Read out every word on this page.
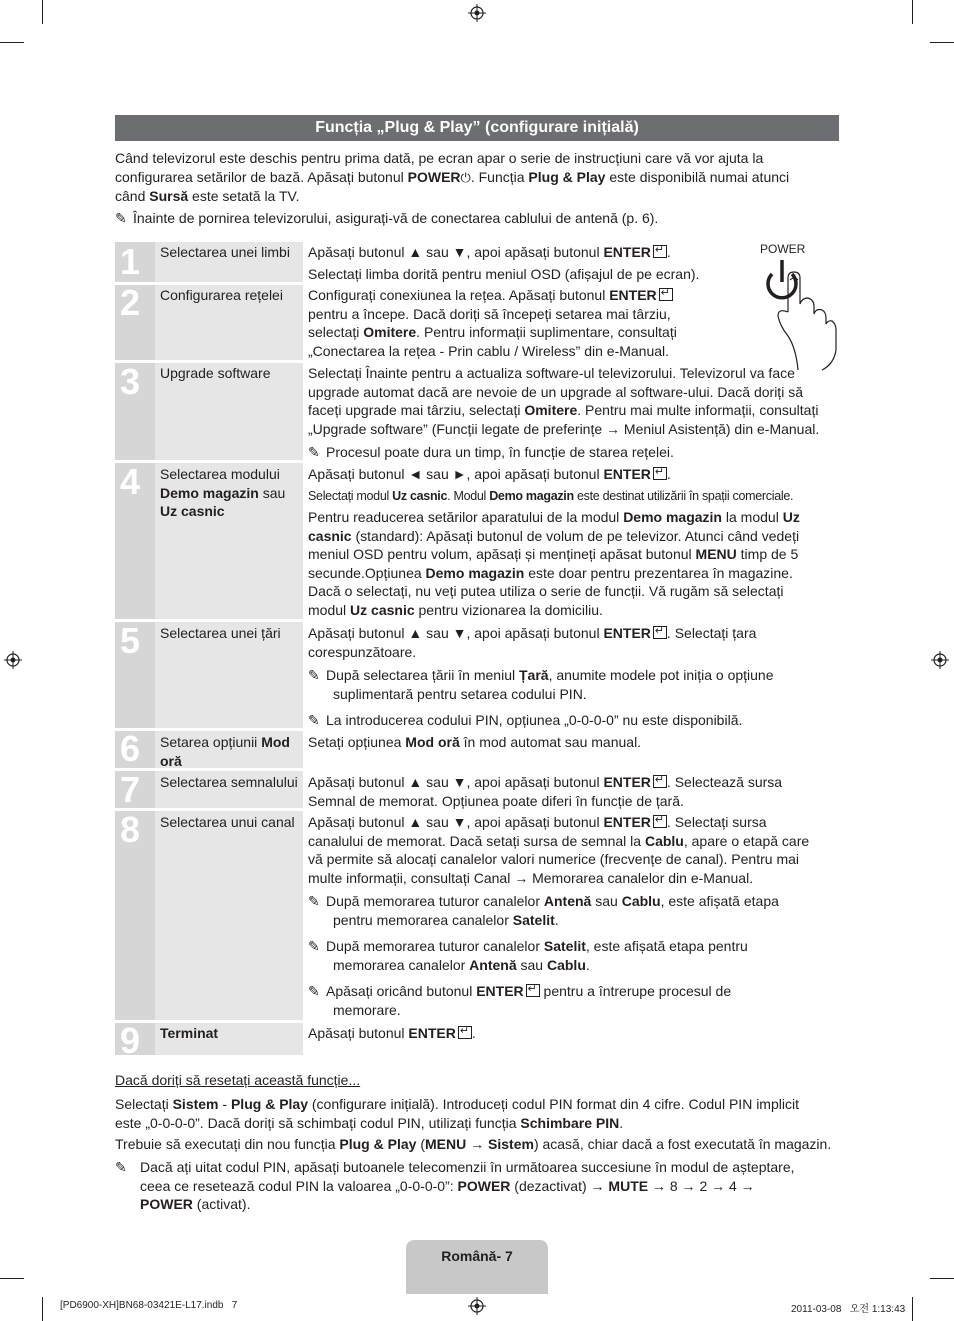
Funcția „Plug & Play” (configurare inițială)
Când televizorul este deschis pentru prima dată, pe ecran apar o serie de instrucțiuni care vă vor ajuta la
configurarea setărilor de bază. Apăsați butonul POWER⏻. Funcția Plug & Play este disponibilă numai atunci
când Sursă este setată la TV.
✎ Înainte de pornirea televizorului, asigurați-vă de conectarea cablului de antenă (p. 6).
1
2
3
4
5
6
7
8
9
Selectarea unei limbi
Configurarea rețelei
Upgrade software
Selectarea modului
Demo magazin sau
Uz casnic
Selectarea unei țări
Setarea opțiunii Mod
oră
Selectarea semnalului
Selectarea unui canal
Terminat
Apăsați butonul ▲ sau ▼, apoi apăsați butonul ENTER ↵ .
Selectați limba dorită pentru meniul OSD (afișajul de pe ecran).
POWER
Configurați conexiunea la rețea. Apăsați butonul ENTER↵
pentru a începe. Dacă doriți să începeți setarea mai târziu,
selectați Omitere. Pentru informații suplimentare, consultați
„Conectarea la rețea - Prin cablu / Wireless” din e-Manual.
Selectați Înainte pentru a actualiza software-ul televizorului. Televizorul va face
upgrade automat dacă are nevoie de un upgrade al software-ului. Dacă doriți să
faceți upgrade mai târziu, selectați Omitere. Pentru mai multe informații, consultați
„Upgrade software” (Funcții legate de preferințe → Meniul Asistență) din e-Manual.
✎ Procesul poate dura un timp, în funcție de starea rețelei.
Apăsați butonul ◄ sau ►, apoi apăsați butonul ENTER ↵ .
Selectați modul Uz casnic. Modul Demo magazin este destinat utilizării în spații comerciale.
Pentru readucerea setărilor aparatului de la modul Demo magazin la modul Uz
casnic (standard): Apăsați butonul de volum de pe televizor. Atunci când vedeți
meniul OSD pentru volum, apăsați și mențineți apăsat butonul MENU timp de 5
secunde.Opțiunea Demo magazin este doar pentru prezentarea în magazine.
Dacă o selectați, nu veți putea utiliza o serie de funcții. Vă rugăm să selectați
modul Uz casnic pentru vizionarea la domiciliu.
Apăsați butonul ▲ sau ▼, apoi apăsați butonul ENTER ↵ . Selectați țara
corespunzătoare.
✎ După selectarea țării în meniul Țară, anumite modele pot iniția o opțiune
suplimentară pentru setarea codului PIN.
✎ La introducerea codului PIN, opțiunea „0-0-0-0” nu este disponibilă.
Setați opțiunea Mod oră în mod automat sau manual.
Apăsați butonul ▲ sau ▼, apoi apăsați butonul ENTER ↵ . Selectează sursa
Semnal de memorat. Opțiunea poate diferi în funcție de țară.
Apăsați butonul ▲ sau ▼, apoi apăsați butonul ENTER ↵ . Selectați sursa
canalului de memorat. Dacă setați sursa de semnal la Cablu, apare o etapă care
vă permite să alocați canalelor valori numerice (frecvențe de canal). Pentru mai
multe informații, consultați Canal → Memorarea canalelor din e-Manual.
✎ După memorarea tuturor canalelor Antenă sau Cablu, este afișată etapa
pentru memorarea canalelor Satelit.
✎ După memorarea tuturor canalelor Satelit, este afișată etapa pentru
memorarea canalelor Antenă sau Cablu.
✎ Apăsați oricând butonul ENTER↵ pentru a întrerupe procesul de
memorare.
Apăsați butonul ENTER ↵ .
Dacă doriți să resetați această funcție...
Selectați Sistem - Plug & Play (configurare inițială). Introduceți codul PIN format din 4 cifre. Codul PIN implicit
este „0-0-0-0”. Dacă doriți să schimbați codul PIN, utilizați funcția Schimbare PIN.
Trebuie să executați din nou funcția Plug & Play (MENU → Sistem) acasă, chiar dacă a fost executată în magazin.
✎ Dacă ați uitat codul PIN, apăsați butoanele telecomenzii în următoarea succesiune în modul de așteptare,
ceea ce resetează codul PIN la valoarea „0-0-0-0”: POWER (dezactivat) → MUTE → 8 → 2 → 4 →
POWER (activat).
Română- 7
[PD6900-XH]BN68-03421E-L17.indb   7	2011-03-08   오전 1:13:43
